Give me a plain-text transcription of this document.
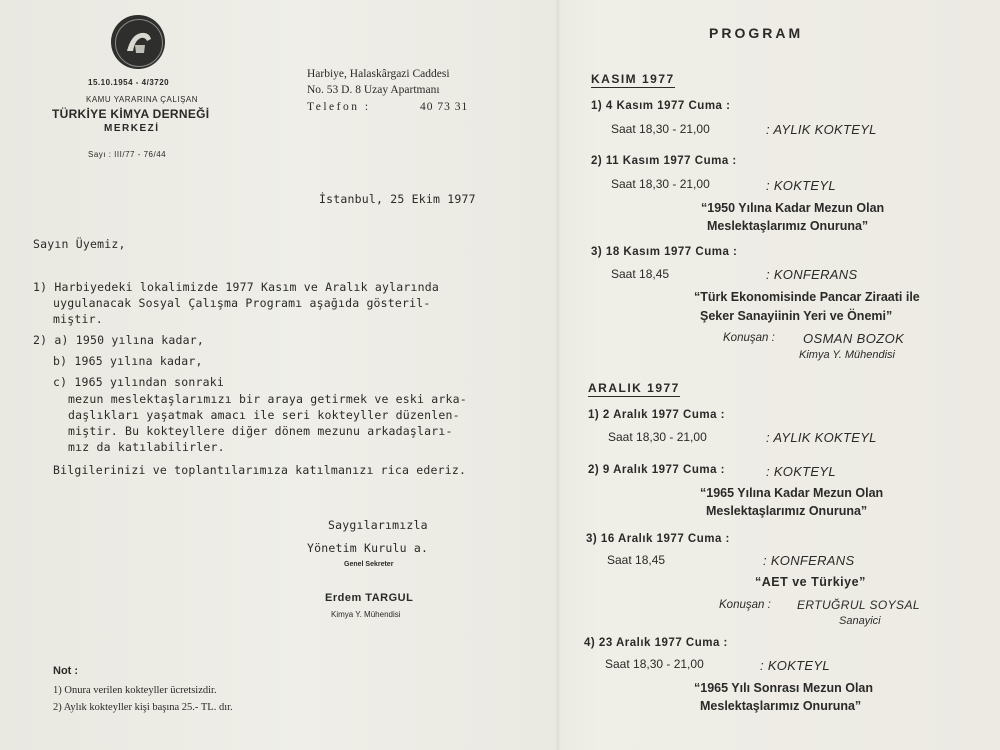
15.10.1954 - 4/3720
KAMU YARARINA ÇALIŞAN
TÜRKİYE KİMYA DERNEĞİ
MERKEZİ
Sayı : III/77 - 76/44
Harbiye, Halaskârgazi Caddesi
No. 53 D. 8 Uzay Apartmanı
Telefon :	40 73 31
İstanbul, 25 Ekim 1977
Sayın Üyemiz,
1) Harbiyedeki lokalimizde 1977 Kasım ve Aralık aylarında
uygulanacak Sosyal Çalışma Programı aşağıda gösteril-
miştir.
2) a) 1950 yılına kadar,
b) 1965 yılına kadar,
c) 1965 yılından sonraki
mezun meslektaşlarımızı bir araya getirmek ve eski arka-
daşlıkları yaşatmak amacı ile seri kokteyller düzenlen-
miştir. Bu kokteyllere diğer dönem mezunu arkadaşları-
mız da katılabilirler.
Bilgilerinizi ve toplantılarımıza katılmanızı rica ederiz.
Saygılarımızla
Yönetim Kurulu a.
Genel Sekreter
Erdem TARGUL
Kimya Y. Mühendisi
Not :
1) Onura verilen kokteyller ücretsizdir.
2) Aylık kokteyller kişi başına 25.- TL. dır.
PROGRAM
KASIM 1977
1) 4 Kasım 1977 Cuma :
Saat 18,30 - 21,00	: AYLIK KOKTEYL
2) 11 Kasım 1977 Cuma :
Saat 18,30 - 21,00	: KOKTEYL
“1950 Yılına Kadar Mezun Olan
Meslektaşlarımız Onuruna”
3) 18 Kasım 1977 Cuma :
Saat 18,45	: KONFERANS
“Türk Ekonomisinde Pancar Ziraati ile
Şeker Sanayiinin Yeri ve Önemi”
Konuşan : OSMAN BOZOK
Kimya Y. Mühendisi
ARALIK 1977
1) 2 Aralık 1977 Cuma :
Saat 18,30 - 21,00	: AYLIK KOKTEYL
2) 9 Aralık 1977 Cuma :	: KOKTEYL
“1965 Yılına Kadar Mezun Olan
Meslektaşlarımız Onuruna”
3) 16 Aralık 1977 Cuma :
Saat 18,45	: KONFERANS
“AET ve Türkiye”
Konuşan : ERTUĞRUL SOYSAL
Sanayici
4) 23 Aralık 1977 Cuma :
Saat 18,30 - 21,00	: KOKTEYL
“1965 Yılı Sonrası Mezun Olan
Meslektaşlarımız Onuruna”
